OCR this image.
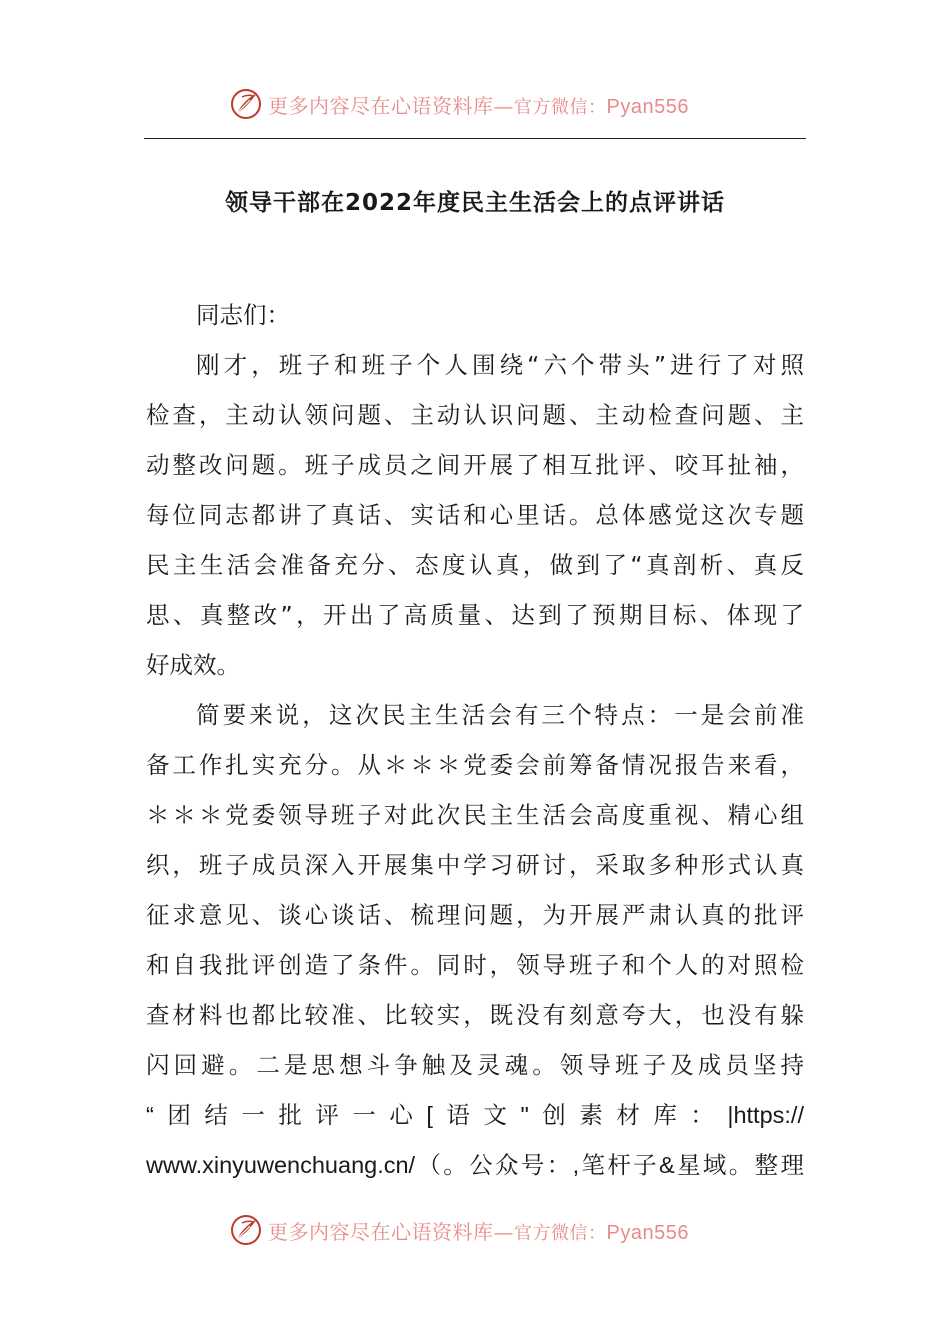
更多内容尽在心语资料库—官方微信：Pyan556
领导干部在2022年度民主生活会上的点评讲话
同志们：
刚才，班子和班子个人围绕“六个带头”进行了对照
检查，主动认领问题、主动认识问题、主动检查问题、主
动整改问题。班子成员之间开展了相互批评、咬耳扯袖，
每位同志都讲了真话、实话和心里话。总体感觉这次专题
民主生活会准备充分、态度认真，做到了“真剖析、真反
思、真整改”，开出了高质量、达到了预期目标、体现了
好成效。
简要来说，这次民主生活会有三个特点：一是会前准
备工作扎实充分。从＊＊＊党委会前筹备情况报告来看，
＊＊＊党委领导班子对此次民主生活会高度重视、精心组
织，班子成员深入开展集中学习研讨，采取多种形式认真
征求意见、谈心谈话、梳理问题，为开展严肃认真的批评
和自我批评创造了条件。同时，领导班子和个人的对照检
查材料也都比较准、比较实，既没有刻意夸大，也没有躲
闪回避。二是思想斗争触及灵魂。领导班子及成员坚持
“团结一批评一心[语文"创素材库：|https://
www.xinyuwenchuang.cn/（。公众号：,笔杆子&星域。整理
更多内容尽在心语资料库—官方微信：Pyan556
